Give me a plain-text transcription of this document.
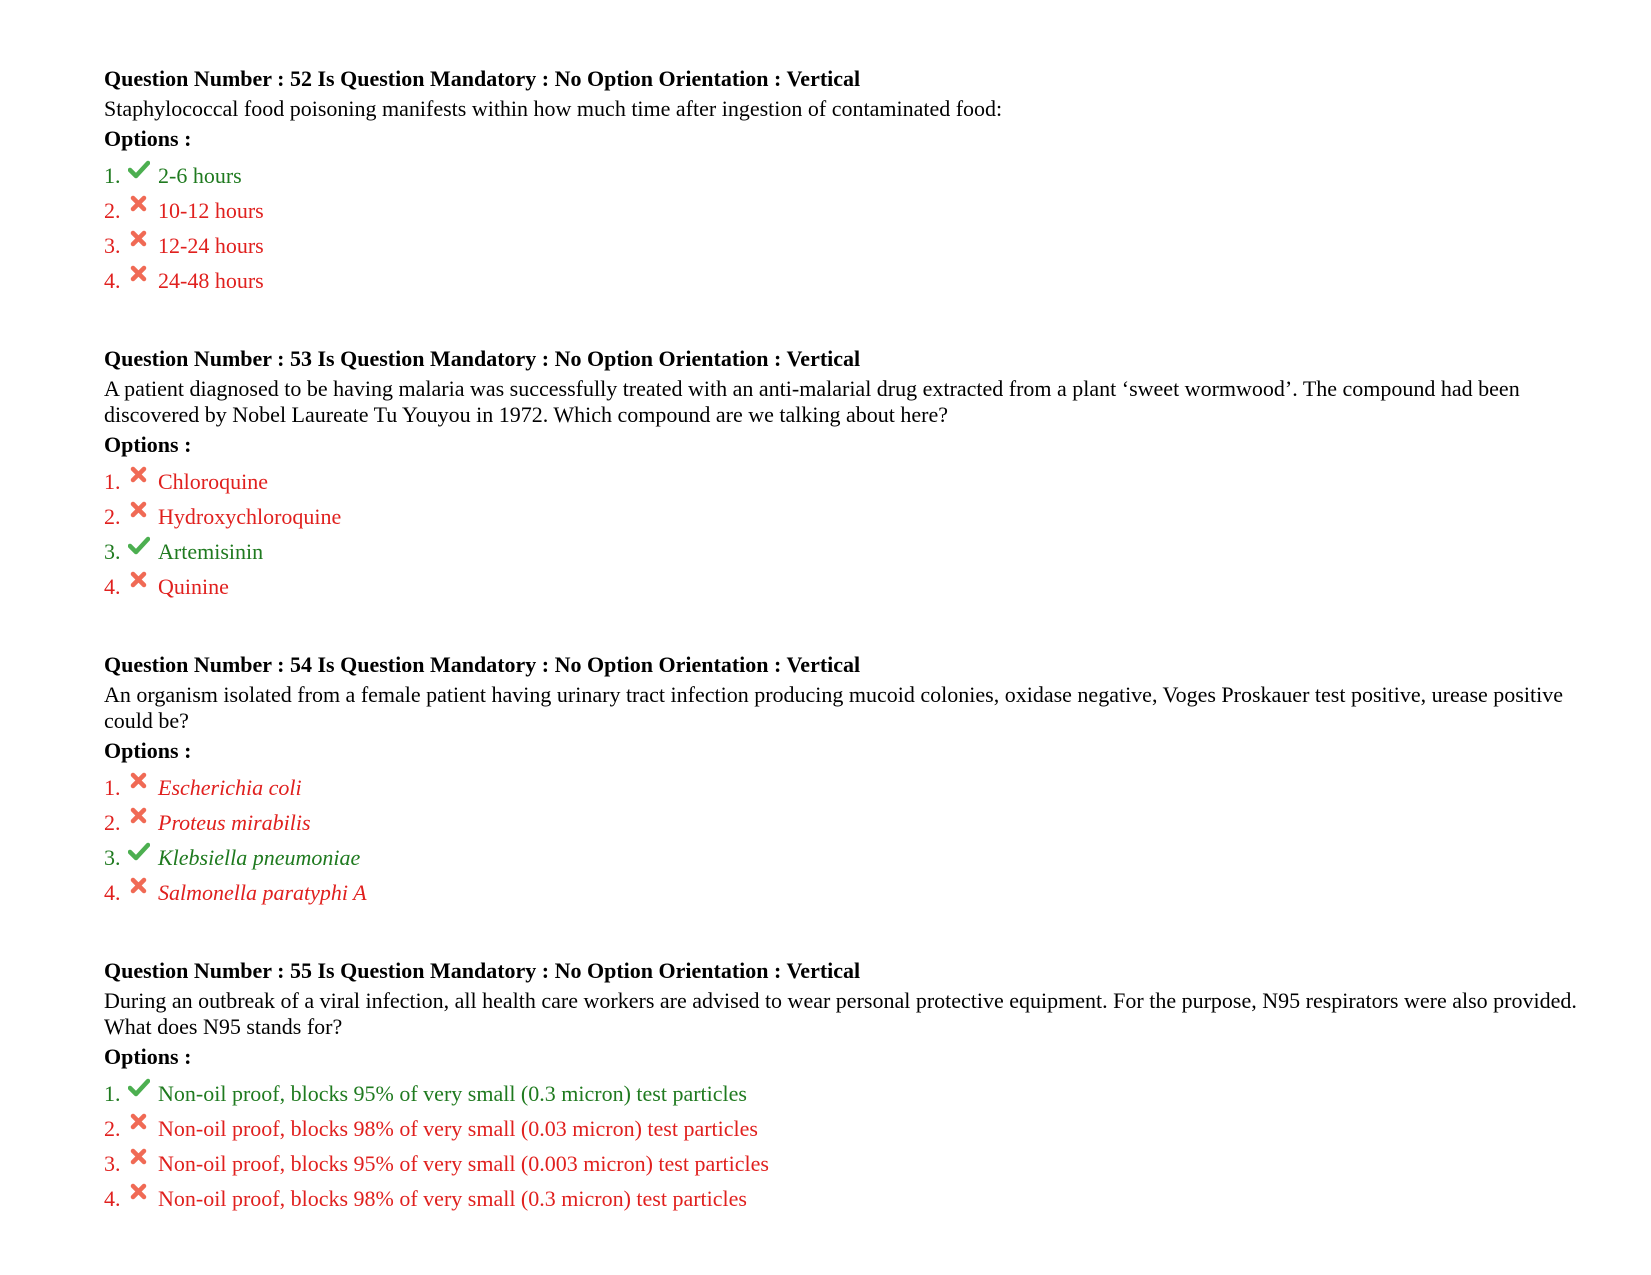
Question Number : 52 Is Question Mandatory : No Option Orientation : Vertical
Staphylococcal food poisoning manifests within how much time after ingestion of contaminated food:
Options :
1.	2-6 hours
2.	10-12 hours
3.	12-24 hours
4.	24-48 hours
Question Number : 53 Is Question Mandatory : No Option Orientation : Vertical
A patient diagnosed to be having malaria was successfully treated with an anti-malarial drug extracted from a plant ‘sweet wormwood’. The compound had been discovered by Nobel Laureate Tu Youyou in 1972. Which compound are we talking about here?
Options :
1.	Chloroquine
2.	Hydroxychloroquine
3.	Artemisinin
4.	Quinine
Question Number : 54 Is Question Mandatory : No Option Orientation : Vertical
An organism isolated from a female patient having urinary tract infection producing mucoid colonies, oxidase negative, Voges Proskauer test positive, urease positive could be?
Options :
1.	Escherichia coli
2.	Proteus mirabilis
3.	Klebsiella pneumoniae
4.	Salmonella paratyphi A
Question Number : 55 Is Question Mandatory : No Option Orientation : Vertical
During an outbreak of a viral infection, all health care workers are advised to wear personal protective equipment. For the purpose, N95 respirators were also provided. What does N95 stands for?
Options :
1.	Non-oil proof, blocks 95% of very small (0.3 micron) test particles
2.	Non-oil proof, blocks 98% of very small (0.03 micron) test particles
3.	Non-oil proof, blocks 95% of very small (0.003 micron) test particles
4.	Non-oil proof, blocks 98% of very small (0.3 micron) test particles
